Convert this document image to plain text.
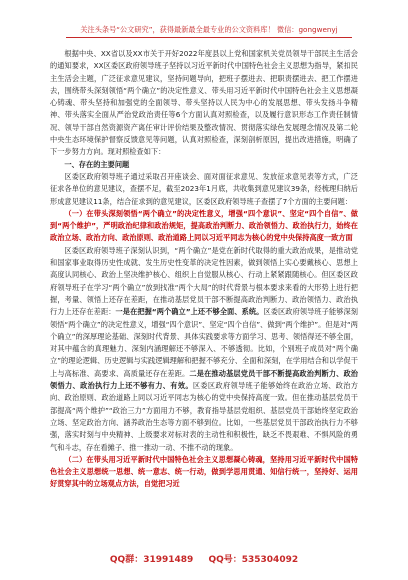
关注头条号“公文研究”，获得最新最全最专业的公文资料库！ 微信：gongwenyj

根据中央、XX省以及XX市关于开好2022年度县以上党和国家机关党员领导干部民主生活会的通知要求，XX区委区政府领导班子坚持以习近平新时代中国特色社会主义思想为指导，紧扣民主生活会主题，广泛征求意见建议，坚持问题导向，把班子摆进去、把职责摆进去、把工作摆进去，围绕带头深刻领悟“两个确立”的决定性意义、带头用习近平新时代中国特色社会主义思想凝心铸魂、带头坚持和加强党的全面领导、带头坚持以人民为中心的发展思想、带头发扬斗争精神、带头落实全面从严治党政治责任等6个方面认真对照检查，以及履行意识形态工作责任制情况、领导干部自然资源资产离任审计评价结果及整改情况、贯彻落实绿色发展理念情况及第二轮中央生态环境保护督察反馈意见等问题，认真对照检查，深刻剖析原因，提出改进措施，明确了下一步努力方向。现对照检查如下：

一、存在的主要问题

区委区政府领导班子通过采取召开座谈会、面对面征求意见、发放征求意见表等方式，广泛征求各单位的意见建议，查摆不足，截至2023年1月底，共收集到意见建议39条，经梳理归纳后形成意见建议11条，结合征求到的意见建议，区委区政府领导班子查摆了7个方面的主要问题：

（一）在带头深刻领悟“两个确立”的决定性意义，增强“四个意识”、坚定“四个自信”、做到“两个维护”，严明政治纪律和政治规矩，提高政治判断力、政治领悟力、政治执行力，始终在政治立场、政治方向、政治原则、政治道路上同以习近平同志为核心的党中央保持高度一致方面

区委区政府领导班子深刻认识到，“两个确立”是党在新时代取得的重大政治成果，是推动党和国家事业取得历史性成就、发生历史性变革的决定性因素，做到领悟上实心要戴核心、思想上高度认同核心、政治上坚决维护核心、组织上自觉服从核心、行动上紧紧跟随核心。但区委区政府领导班子在学习“两个确立”放到找准“两个大局”的时代背景与根本要求来看的大形势上进行把握，考量、领悟上还存在差距，在推动基层党员干部不断提高政治判断力、政治领悟力、政治执行力上还存在差距：一是在把握“两个确立”上还不够全面、系统。区委区政府领导班子能够深刻领悟“两个确立”的决定性意义，增强“四个意识”、坚定“四个自信”、做到“两个维护”。但是对“两个确立”的深厚理论基础、深刻时代背景、具体实践要求等方面学习、思考、领悟得还不够全面，对其中蕴含的真理魅力、深刻内涵理解还不够深入、不够透彻。比如，个别班子成员对“两个确立”的理论逻辑、历史逻辑与实践逻辑理解和把握不够充分、全面和深刻，在学用结合和以学促干上与高标准、高要求、高质量还存在差距。二是在推动基层党员干部不断提高政治判断力、政治领悟力、政治执行力上还不够有力、有效。区委区政府领导班子能够始终在政治立场、政治方向、政治原则、政治道路上同以习近平同志为核心的党中央保持高度一致。但在推动基层党员干部提高“两个维护”“政治三力”方面用力不够，教育指导基层党组织、基层党员干部始终坚定政治立场、坚定政治方向、涵养政治生态等方面不够到位。比如，一些基层党员干部政治执行力不够强，落实时刻与中央精神、上级要求对标对表的主动性和积极性，缺乏不畏艰难、不惧风险的勇气和斗志，存在看摊子、推一推动一动、不推不动的现象。

（二）在带头用习近平新时代中国特色社会主义思想凝心铸魂，坚持用习近平新时代中国特色社会主义思想统一思想、统一意志、统一行动，做到学思用贯通、知信行统一，坚持好、运用好贯穿其中的立场观点方法，自觉把习近

QQ群：31991489 QQ号：535304092
